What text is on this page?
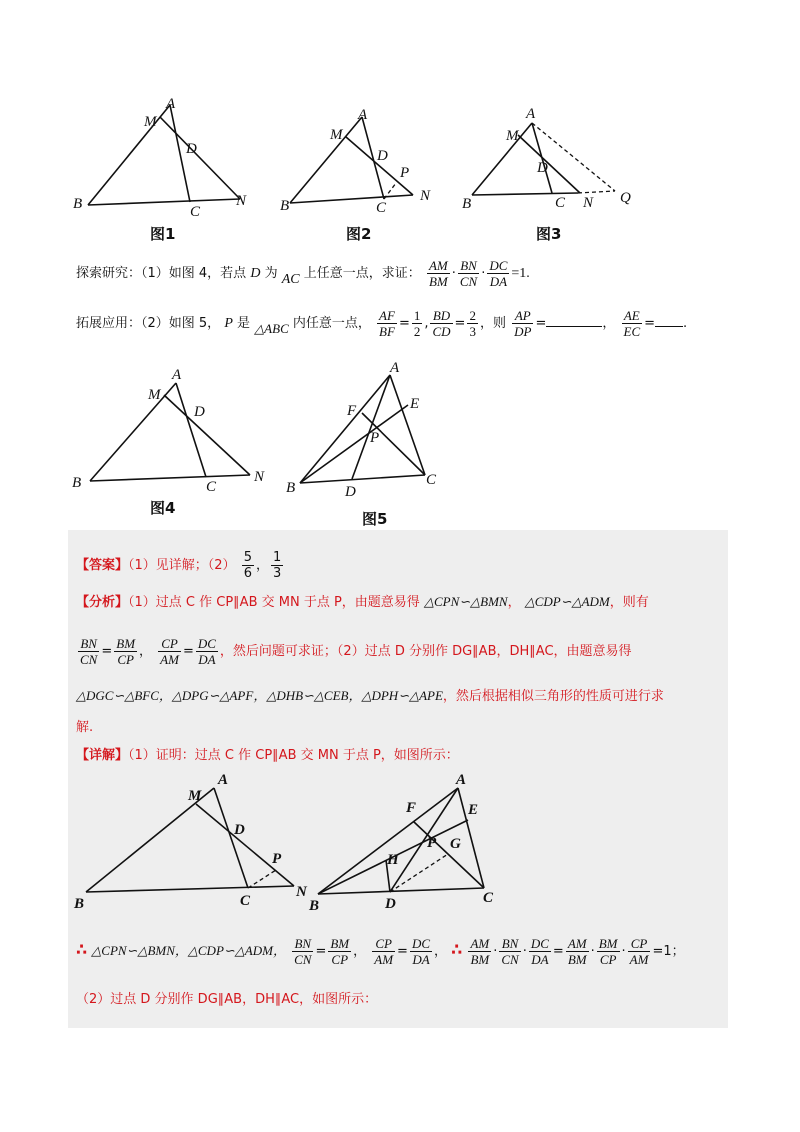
A
M
D
B	C
N
图1
A
M
D
P
B	C
N
图2
A
M
D
B	C N Q
图3
探索研究：（1）如图 4，若点 D 为 AC 上任意一点，求证： $\frac{AM}{BM} \cdot \frac{BN}{CN} \cdot \frac{DC}{DA} =1$.
拓展应用：（2）如图 5， P 是 △ABC 内任意一点， $\frac{AF}{BF} = \frac{1}{2}$ , $\frac{BD}{CD} = \frac{2}{3}$ ，则 $\frac{AP}{DP}$ =	， $\frac{AE}{EC}$ = .
A
M
D
B	C
N
图4
A
F	E
P
B	D
C
图5
【答案】（1）见详解；$(2) \frac{5}{6}$ ， $\frac{1}{3}$
【分析】（1）过点 C 作 CP∥AB 交 MN 于点 P，由题意易得 △CPN∽△BMN， △CDP∽△ADM，则有
$\frac{BN}{CN} = \frac{BM}{CP}$ ， $\frac{CP}{AM} = \frac{DC}{DA}$ ，然后问题可求证；（2）过点 D 分别作 DG∥AB，DH∥AC，由题意易得
△DGC∽△BFC，△DPG∽△APF，△DHB∽△CEB，△DPH∽△APE，然后根据相似三角形的性质可进行求
解.
【详解】（1）证明：过点 C 作 CP∥AB 交 MN 于点 P，如图所示：
A
M
D
P
B	C
N
A
F	E
P G
H
B	D	C
∴ △CPN∽△BMN，△CDP∽△ADM， $\frac{BN}{CN} = \frac{BM}{CP}$ ， $\frac{CP}{AM} = \frac{DC}{DA}$ ， ∴ $\frac{AM}{BM} \cdot \frac{BN}{CN} \cdot \frac{DC}{DA} = \frac{AM}{BM} \cdot \frac{BM}{CP} \cdot \frac{CP}{AM} =1$；
（2）过点 D 分别作 DG∥AB，DH∥AC，如图所示：
